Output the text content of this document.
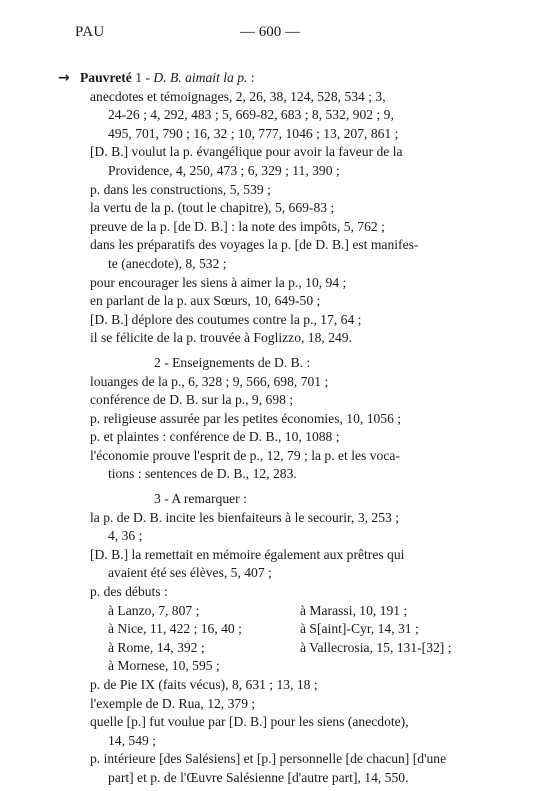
PAU	— 600 —
→ Pauvreté 1 - D. B. aimait la p. :
anecdotes et témoignages, 2, 26, 38, 124, 528, 534 ; 3,
24-26 ; 4, 292, 483 ; 5, 669-82, 683 ; 8, 532, 902 ; 9,
495, 701, 790 ; 16, 32 ; 10, 777, 1046 ; 13, 207, 861 ;
[D. B.] voulut la p. évangélique pour avoir la faveur de la
Providence, 4, 250, 473 ; 6, 329 ; 11, 390 ;
p. dans les constructions, 5, 539 ;
la vertu de la p. (tout le chapitre), 5, 669-83 ;
preuve de la p. [de D. B.] : la note des impôts, 5, 762 ;
dans les préparatifs des voyages la p. [de D. B.] est manifes-
te (anecdote), 8, 532 ;
pour encourager les siens à aimer la p., 10, 94 ;
en parlant de la p. aux Sœurs, 10, 649-50 ;
[D. B.] déplore des coutumes contre la p., 17, 64 ;
il se félicite de la p. trouvée à Foglizzo, 18, 249.
2 - Enseignements de D. B. :
louanges de la p., 6, 328 ; 9, 566, 698, 701 ;
conférence de D. B. sur la p., 9, 698 ;
p. religieuse assurée par les petites économies, 10, 1056 ;
p. et plaintes : conférence de D. B., 10, 1088 ;
l'économie prouve l'esprit de p., 12, 79 ; la p. et les voca-
tions : sentences de D. B., 12, 283.
3 - A remarquer :
la p. de D. B. incite les bienfaiteurs à le secourir, 3, 253 ;
4, 36 ;
[D. B.] la remettait en mémoire également aux prêtres qui
avaient été ses élèves, 5, 407 ;
p. des débuts :
à Lanzo, 7, 807 ;	à Marassi, 10, 191 ;
à Nice, 11, 422 ; 16, 40 ;	à S[aint]-Cyr, 14, 31 ;
à Rome, 14, 392 ;	à Vallecrosia, 15, 131-[32] ;
à Mornese, 10, 595 ;
p. de Pie IX (faits vécus), 8, 631 ; 13, 18 ;
l'exemple de D. Rua, 12, 379 ;
quelle [p.] fut voulue par [D. B.] pour les siens (anecdote),
14, 549 ;
p. intérieure [des Salésiens] et [p.] personnelle [de chacun] [d'une
part] et p. de l'Œuvre Salésienne [d'autre part], 14, 550.
